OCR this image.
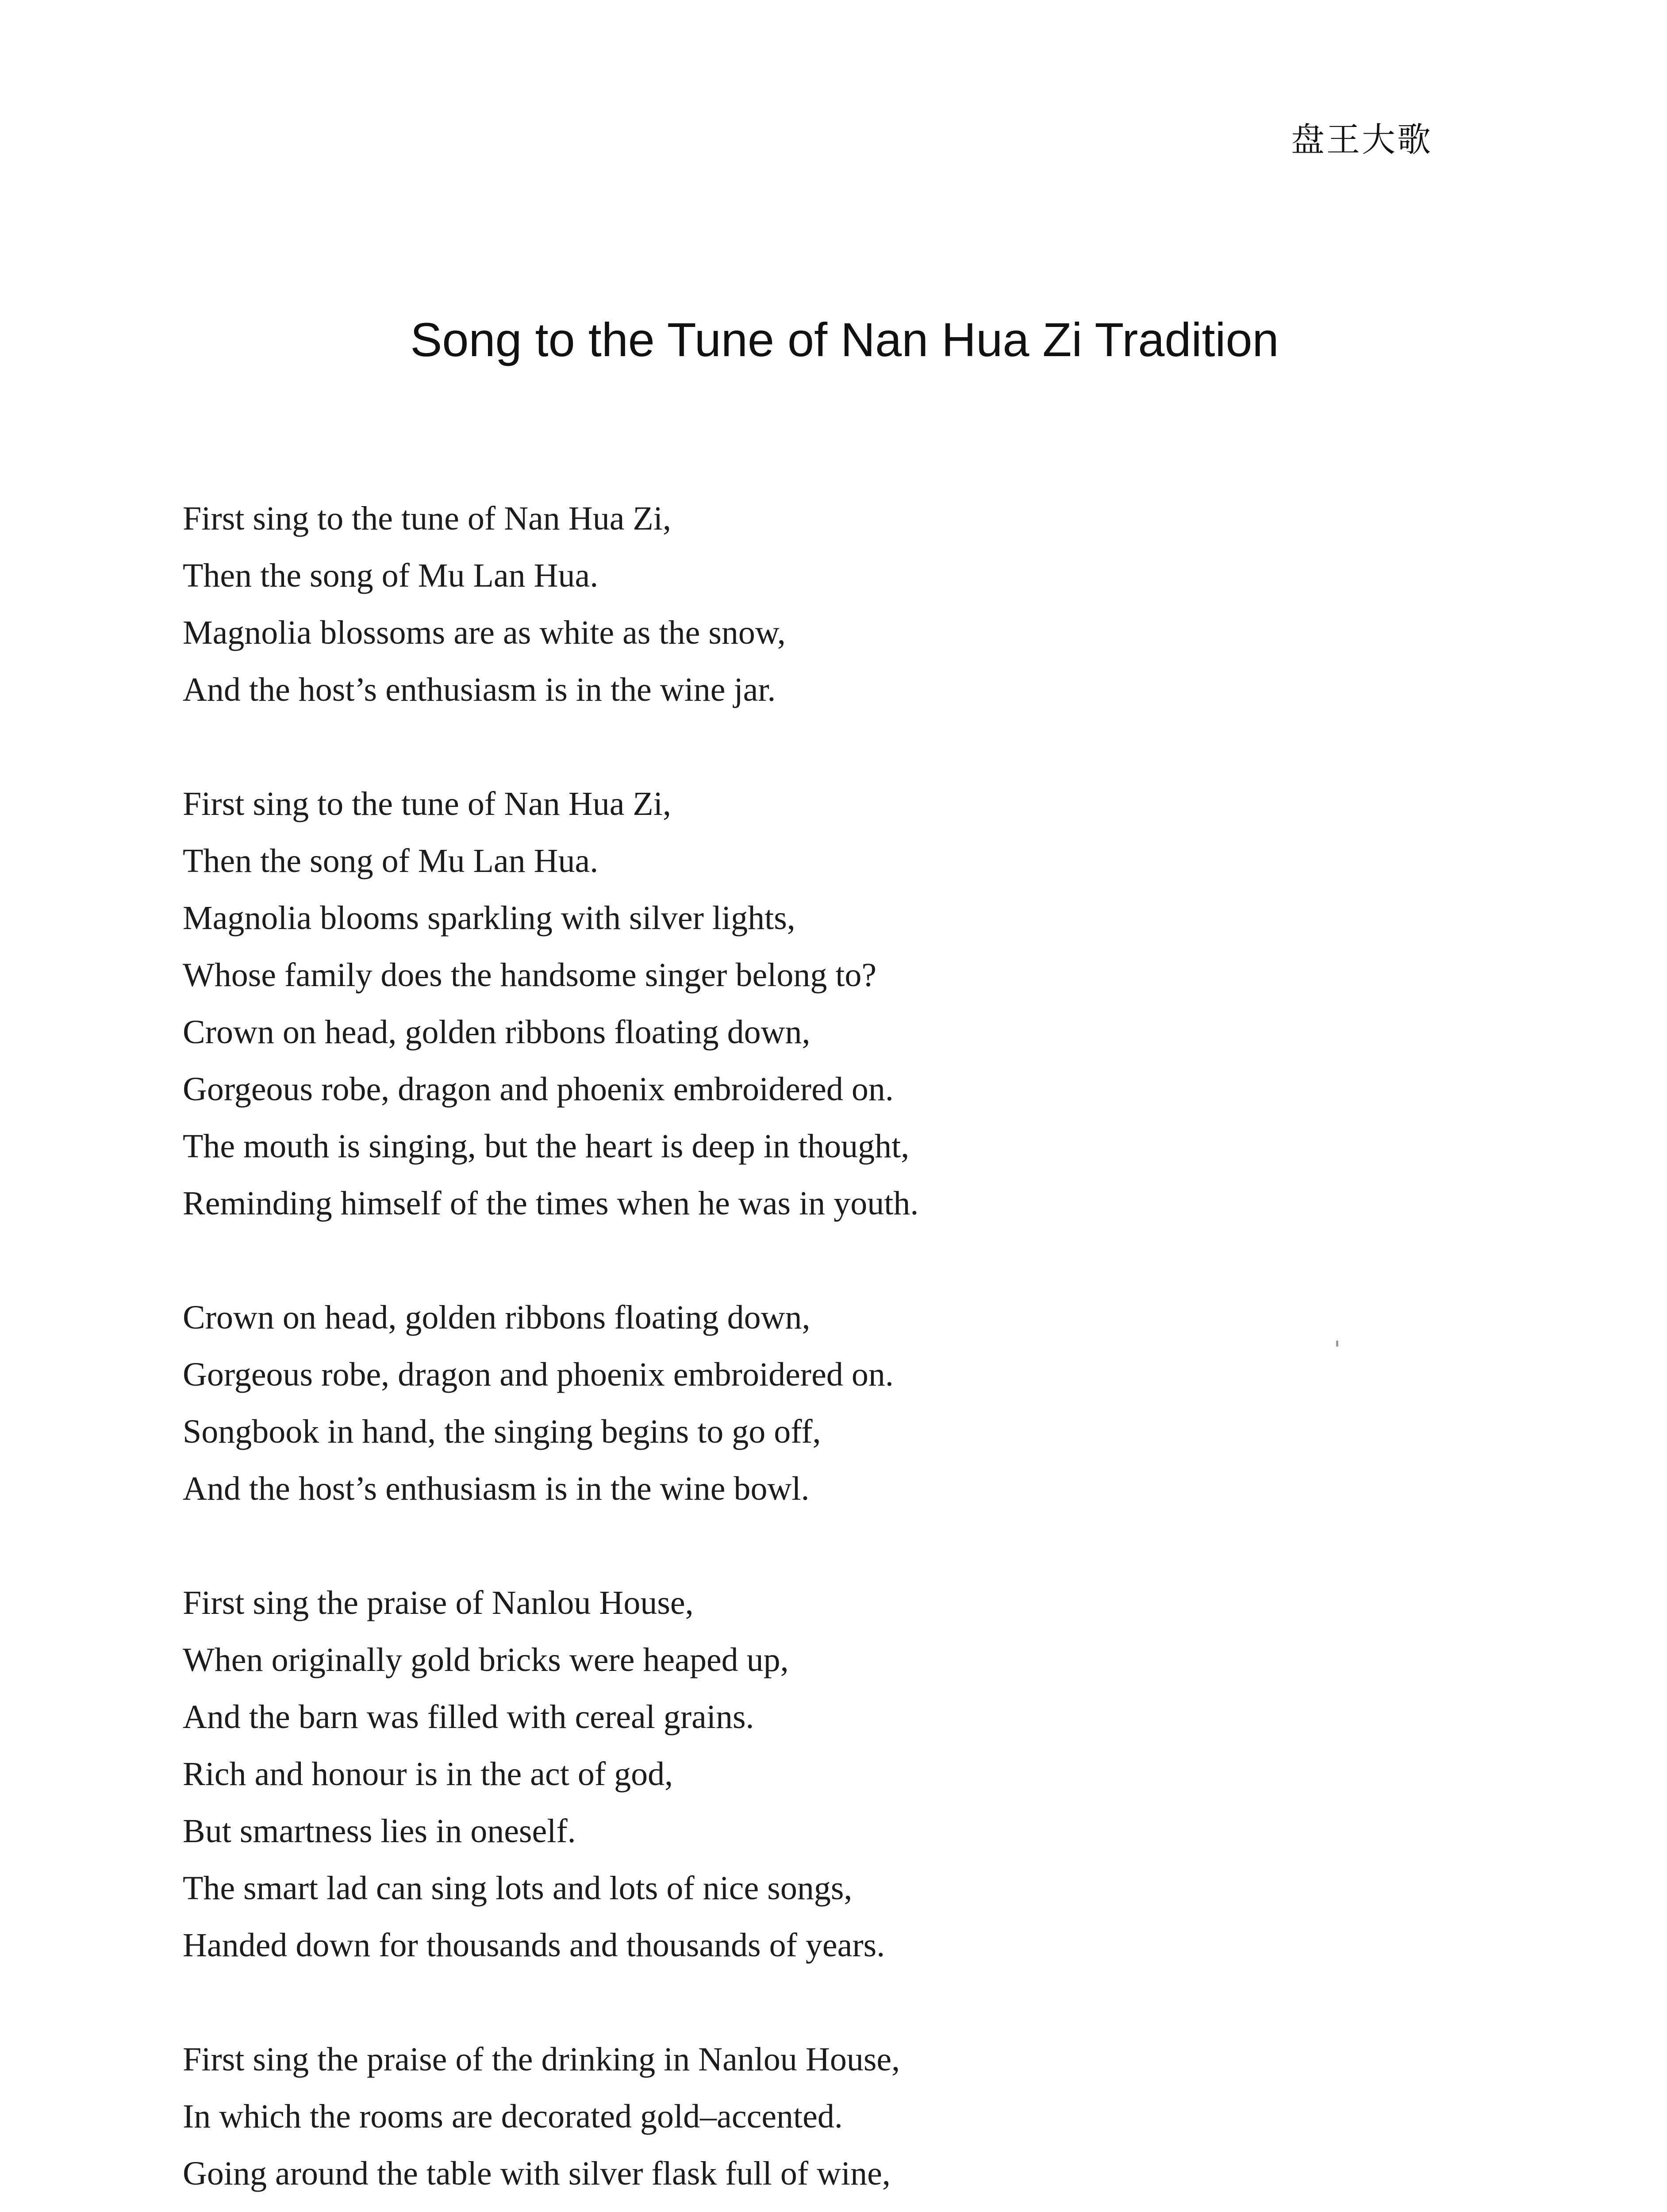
盘王大歌
Song to the Tune of Nan Hua Zi Tradition
First sing to the tune of Nan Hua Zi,
Then the song of Mu Lan Hua.
Magnolia blossoms are as white as the snow,
And the host’s enthusiasm is in the wine jar.
First sing to the tune of Nan Hua Zi,
Then the song of Mu Lan Hua.
Magnolia blooms sparkling with silver lights,
Whose family does the handsome singer belong to?
Crown on head, golden ribbons floating down,
Gorgeous robe, dragon and phoenix embroidered on.
The mouth is singing, but the heart is deep in thought,
Reminding himself of the times when he was in youth.
Crown on head, golden ribbons floating down,
Gorgeous robe, dragon and phoenix embroidered on.
Songbook in hand, the singing begins to go off,
And the host’s enthusiasm is in the wine bowl.
First sing the praise of Nanlou House,
When originally gold bricks were heaped up,
And the barn was filled with cereal grains.
Rich and honour is in the act of god,
But smartness lies in oneself.
The smart lad can sing lots and lots of nice songs,
Handed down for thousands and thousands of years.
First sing the praise of the drinking in Nanlou House,
In which the rooms are decorated gold–accented.
Going around the table with silver flask full of wine,
